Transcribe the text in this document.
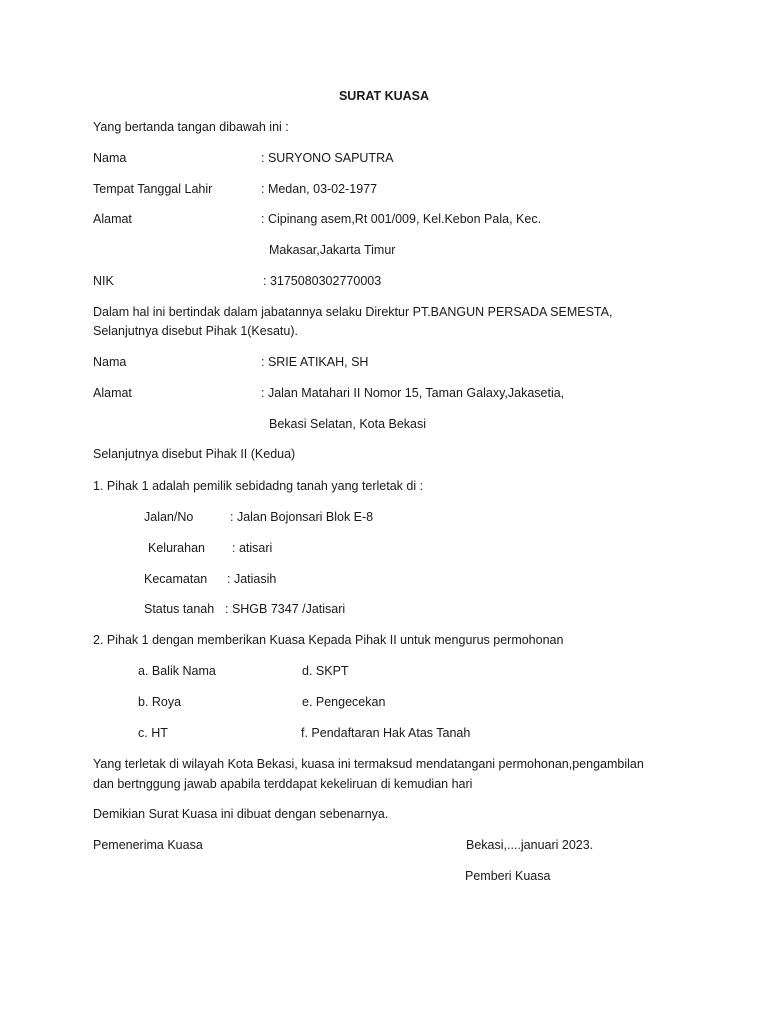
SURAT KUASA
Yang bertanda tangan dibawah ini :
Nama	: SURYONO SAPUTRA
Tempat Tanggal Lahir	: Medan, 03-02-1977
Alamat	: Cipinang asem,Rt 001/009, Kel.Kebon Pala, Kec.
Makasar,Jakarta Timur
NIK	: 3175080302770003
Dalam hal ini bertindak dalam jabatannya selaku Direktur PT.BANGUN PERSADA SEMESTA,
Selanjutnya disebut Pihak 1(Kesatu).
Nama	: SRIE ATIKAH, SH
Alamat	: Jalan Matahari II Nomor 15, Taman Galaxy,Jakasetia,
Bekasi Selatan, Kota Bekasi
Selanjutnya disebut Pihak II (Kedua)
1. Pihak 1 adalah pemilik sebidadng tanah yang terletak di :
Jalan/No	: Jalan Bojonsari Blok E-8
Kelurahan : atisari
Kecamatan : Jatiasih
Status tanah : SHGB 7347 /Jatisari
2. Pihak 1 dengan memberikan Kuasa Kepada Pihak II untuk mengurus permohonan
a. Balik Nama	d. SKPT
b. Roya	e. Pengecekan
c. HT	f. Pendaftaran Hak Atas Tanah
Yang terletak di wilayah Kota Bekasi, kuasa ini termaksud mendatangani permohonan,pengambilan
dan bertnggung jawab apabila terddapat kekeliruan di kemudian hari
Demikian Surat Kuasa ini dibuat dengan sebenarnya.
Pemenerima Kuasa	Bekasi,....januari 2023.
Pemberi Kuasa
